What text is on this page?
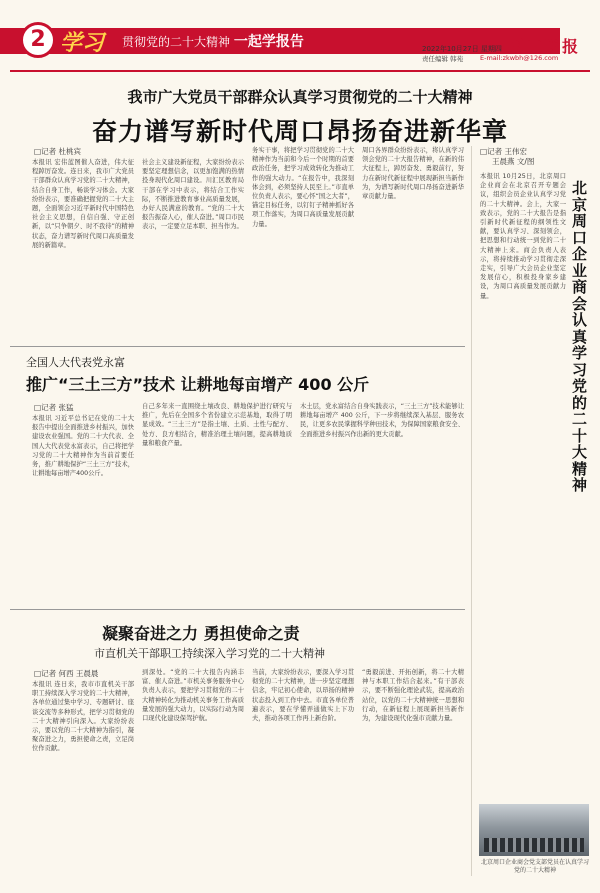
2 学习 贯彻党的二十大精神 一起学报告	2022年10月27日 星期四
责任编辑 韩苑
周口晚报
E-mail:zkwbh@126.com
我市广大党员干部群众认真学习贯彻党的二十大精神
奋力谱写新时代周口昂扬奋进新华章
□记者 杜桃宾
本报讯 宏伟蓝图催人奋进，伟大征程踔厉奋发。连日来，我市广大党员干部群众认真学习党的二十大精神，结合自身工作，畅谈学习体会。大家纷纷表示，要准确把握党的二十大主题，全面领会习近平新时代中国特色社会主义思想，自信自强、守正创新，以“只争朝夕、时不我待”的精神状态，奋力谱写新时代周口高质量发展的新篇章。
社会主义建设新征程，大家纷纷表示要坚定理想信念，以更加饱满的热情投身现代化周口建设。川汇区教育局干部在学习中表示，将结合工作实际，不断推进教育事业高质量发展，办好人民满意的教育。“党的二十大报告振奋人心，催人奋进。”周口市民表示，一定要立足本职、担当作为。
务实干事，将把学习贯彻党的二十大精神作为当前和今后一个时期的首要政治任务，把学习成效转化为推动工作的强大动力。“在报告中，我深刻体会到，必须坚持人民至上。”市直单位负责人表示，要心怀“国之大者”，锚定目标任务，以钉钉子精神抓好各项工作落实，为周口高质量发展贡献力量。
周口各界群众纷纷表示，将认真学习领会党的二十大报告精神，在新的伟大征程上，踔厉奋发、勇毅前行，努力在新时代新征程中展现新担当新作为，为谱写新时代周口昂扬奋进新华章贡献力量。
全国人大代表党永富
推广“三土三方”技术 让耕地每亩增产 400 公斤
□记者 张猛
本报讯 习近平总书记在党的二十大报告中提出全面推进乡村振兴，加快建设农业强国。党的二十大代表、全国人大代表党永富表示，自己将把学习党的二十大精神作为当前首要任务，推广耕地保护“三土三方”技术，让耕地每亩增产400公斤。
自己多年来一直围绕土壤改良、耕地保护进行研究与推广，先后在全国多个省份建立示范基地，取得了明显成效。“三土三方”是指土壤、土质、土性与配方、处方、良方相结合，精准治理土壤问题，提高耕地质量和粮食产量。
木土层，党永富结合自身实践表示，“三土三方”技术能够让耕地每亩增产 400 公斤，下一步将继续深入基层、服务农民，让更多农民掌握科学种田技术，为保障国家粮食安全、全面推进乡村振兴作出新的更大贡献。
凝聚奋进之力 勇担使命之责
市直机关干部职工持续深入学习党的二十大精神
□记者 何西 王晨晨
本报讯 连日来，我市市直机关干部职工持续深入学习党的二十大精神，各单位通过集中学习、专题研讨、座谈交流等多种形式，把学习贯彻党的二十大精神引向深入。大家纷纷表示，要以党的二十大精神为指引，凝聚奋进之力，勇担使命之责，立足岗位作贡献。
到深处。“党的二十大报告内涵丰富、催人奋进。”市机关事务服务中心负责人表示，要把学习贯彻党的二十大精神转化为推动机关事务工作高质量发展的强大动力，以实际行动为周口现代化建设保驾护航。
当前，大家纷纷表示，要深入学习贯彻党的二十大精神，进一步坚定理想信念，牢记初心使命，以昂扬的精神状态投入到工作中去。市直各单位普遍表示，要在学懂弄通做实上下功夫，推动各项工作再上新台阶。
“勇毅前进、开拓创新，将二十大精神与本职工作结合起来。”有干部表示，要不断强化理论武装，提高政治站位，以党的二十大精神统一思想和行动，在新征程上展现新担当新作为，为建设现代化强市贡献力量。
□记者 王伟宏
王晨燕 文/图
北京周口企业商会认真学习党的二十大精神
本报讯 10月25日，北京周口企业商会在北京召开专题会议，组织会员企业认真学习党的二十大精神。会上，大家一致表示，党的二十大报告是指引新时代新征程的纲领性文献，要认真学习、深刻领会，把思想和行动统一到党的二十大精神上来。商会负责人表示，将持续推动学习贯彻走深走实，引导广大会员企业坚定发展信心，积极投身家乡建设，为周口高质量发展贡献力量。
北京周口企业商会党支部党员在认真学习党的二十大精神
